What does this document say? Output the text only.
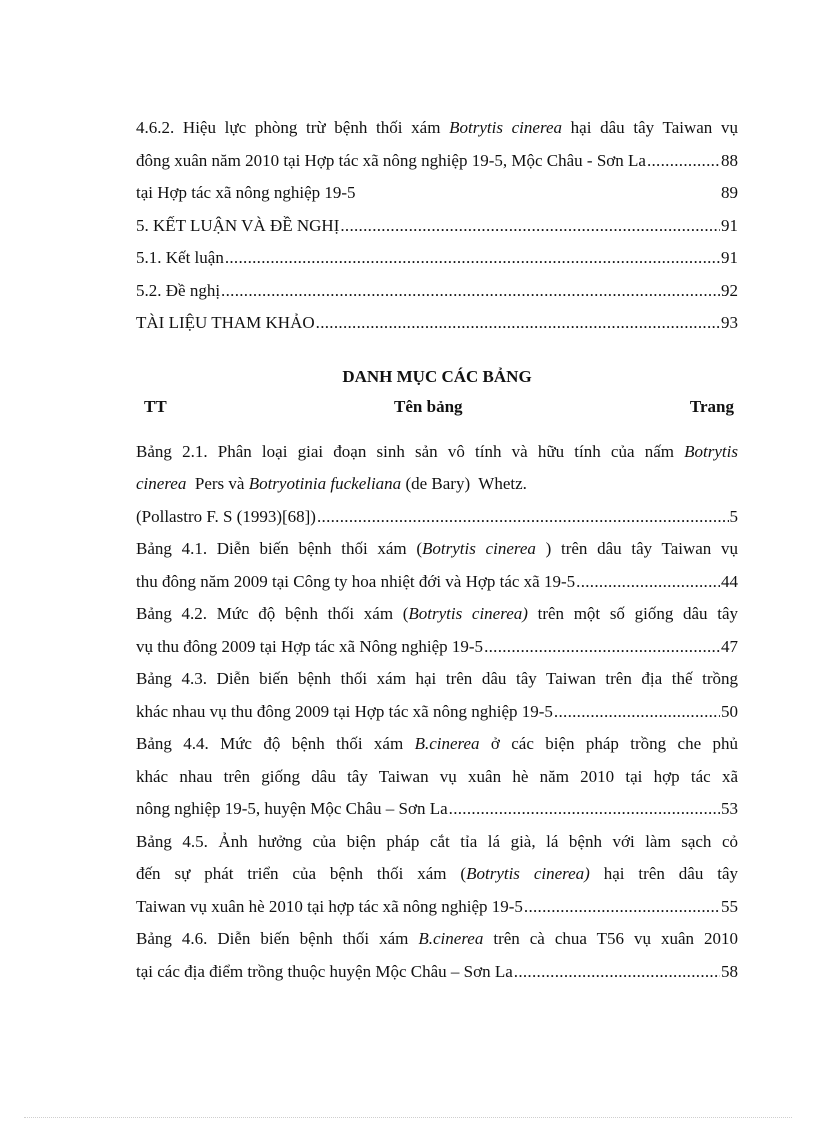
4.6.2. Hiệu lực phòng trừ bệnh thối xám Botrytis cinerea hại dâu tây Taiwan vụ
đông xuân năm 2010 tại Hợp tác xã nông nghiệp 19-5, Mộc Châu - Sơn La .....	88
tại Hợp tác xã nông nghiệp 19-5	89
5. KẾT LUẬN VÀ ĐỀ NGHỊ .....	91
5.1. Kết luận .....	91
5.2. Đề nghị .....	92
TÀI LIỆU THAM KHẢO .....	93
DANH MỤC CÁC BẢNG
TT	Tên bảng	Trang
Bảng 2.1. Phân loại giai đoạn sinh sản vô tính và hữu tính của nấm Botrytis
cinerea Pers và Botryotinia fuckeliana (de Bary)  Whetz.
(Pollastro F. S (1993)[68]) .....	5
Bảng 4.1. Diễn biến bệnh thối xám (Botrytis cinerea ) trên dâu tây Taiwan vụ
thu đông năm 2009 tại Công ty hoa nhiệt đới và Hợp tác xã 19-5 .....	44
Bảng 4.2. Mức độ bệnh thối xám (Botrytis cinerea) trên một số giống dâu tây
vụ thu đông 2009 tại Hợp tác xã Nông nghiệp 19-5 .....	47
Bảng 4.3. Diễn biến bệnh thối xám hại trên dâu tây Taiwan trên địa thế trồng
khác nhau vụ thu đông 2009 tại Hợp tác xã nông nghiệp 19-5 .....	50
Bảng 4.4. Mức độ bệnh thối xám B.cinerea ở các biện pháp trồng che phủ
khác nhau trên giống dâu tây Taiwan vụ xuân hè năm 2010 tại hợp tác xã
nông nghiệp 19-5, huyện Mộc Châu – Sơn La .....	53
Bảng 4.5. Ảnh hưởng của biện pháp cắt tỉa lá già, lá bệnh với làm sạch cỏ
đến sự phát triển của bệnh thối xám (Botrytis cinerea) hại trên dâu tây
Taiwan vụ xuân hè 2010 tại hợp tác xã nông nghiệp 19-5 .....	55
Bảng 4.6. Diễn biến bệnh thối xám B.cinerea trên cà chua T56 vụ xuân 2010
tại các địa điểm trồng thuộc huyện Mộc Châu – Sơn La .....	58
